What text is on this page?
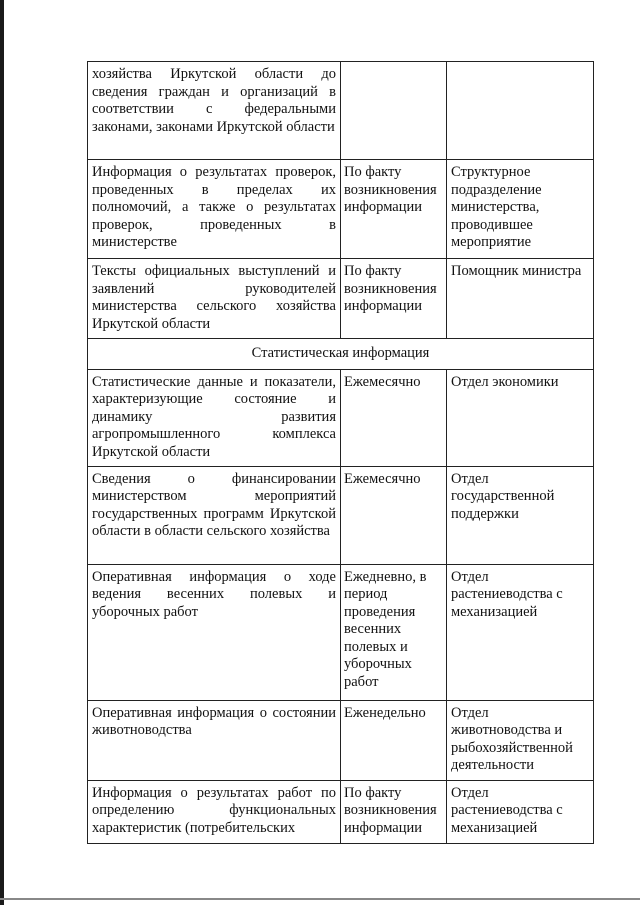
хозяйства Иркутской области до сведения граждан и организаций в соответствии с федеральными законами, законами Иркутской области		

Информация о результатах проверок, проведенных в пределах их полномочий, а также о результатах проверок, проведенных в министерстве	По факту возникновения информации	Структурное подразделение министерства, проводившее мероприятие

Тексты официальных выступлений и заявлений руководителей министерства сельского хозяйства Иркутской области	По факту возникновения информации	Помощник министра

Статистическая информация		

Статистические данные и показатели, характеризующие состояние и динамику развития агропромышленного комплекса Иркутской области	Ежемесячно	Отдел экономики

Сведения о финансировании министерством мероприятий государственных программ Иркутской области в области сельского хозяйства	Ежемесячно	Отдел государственной поддержки

Оперативная информация о ходе ведения весенних полевых и уборочных работ	Ежедневно, в период проведения весенних полевых и уборочных работ	Отдел растениеводства с механизацией

Оперативная информация о состоянии животноводства	Еженедельно	Отдел животноводства и рыбохозяйственной деятельности

Информация о результатах работ по определению функциональных характеристик (потребительских	По факту возникновения информации	Отдел растениеводства с механизацией
